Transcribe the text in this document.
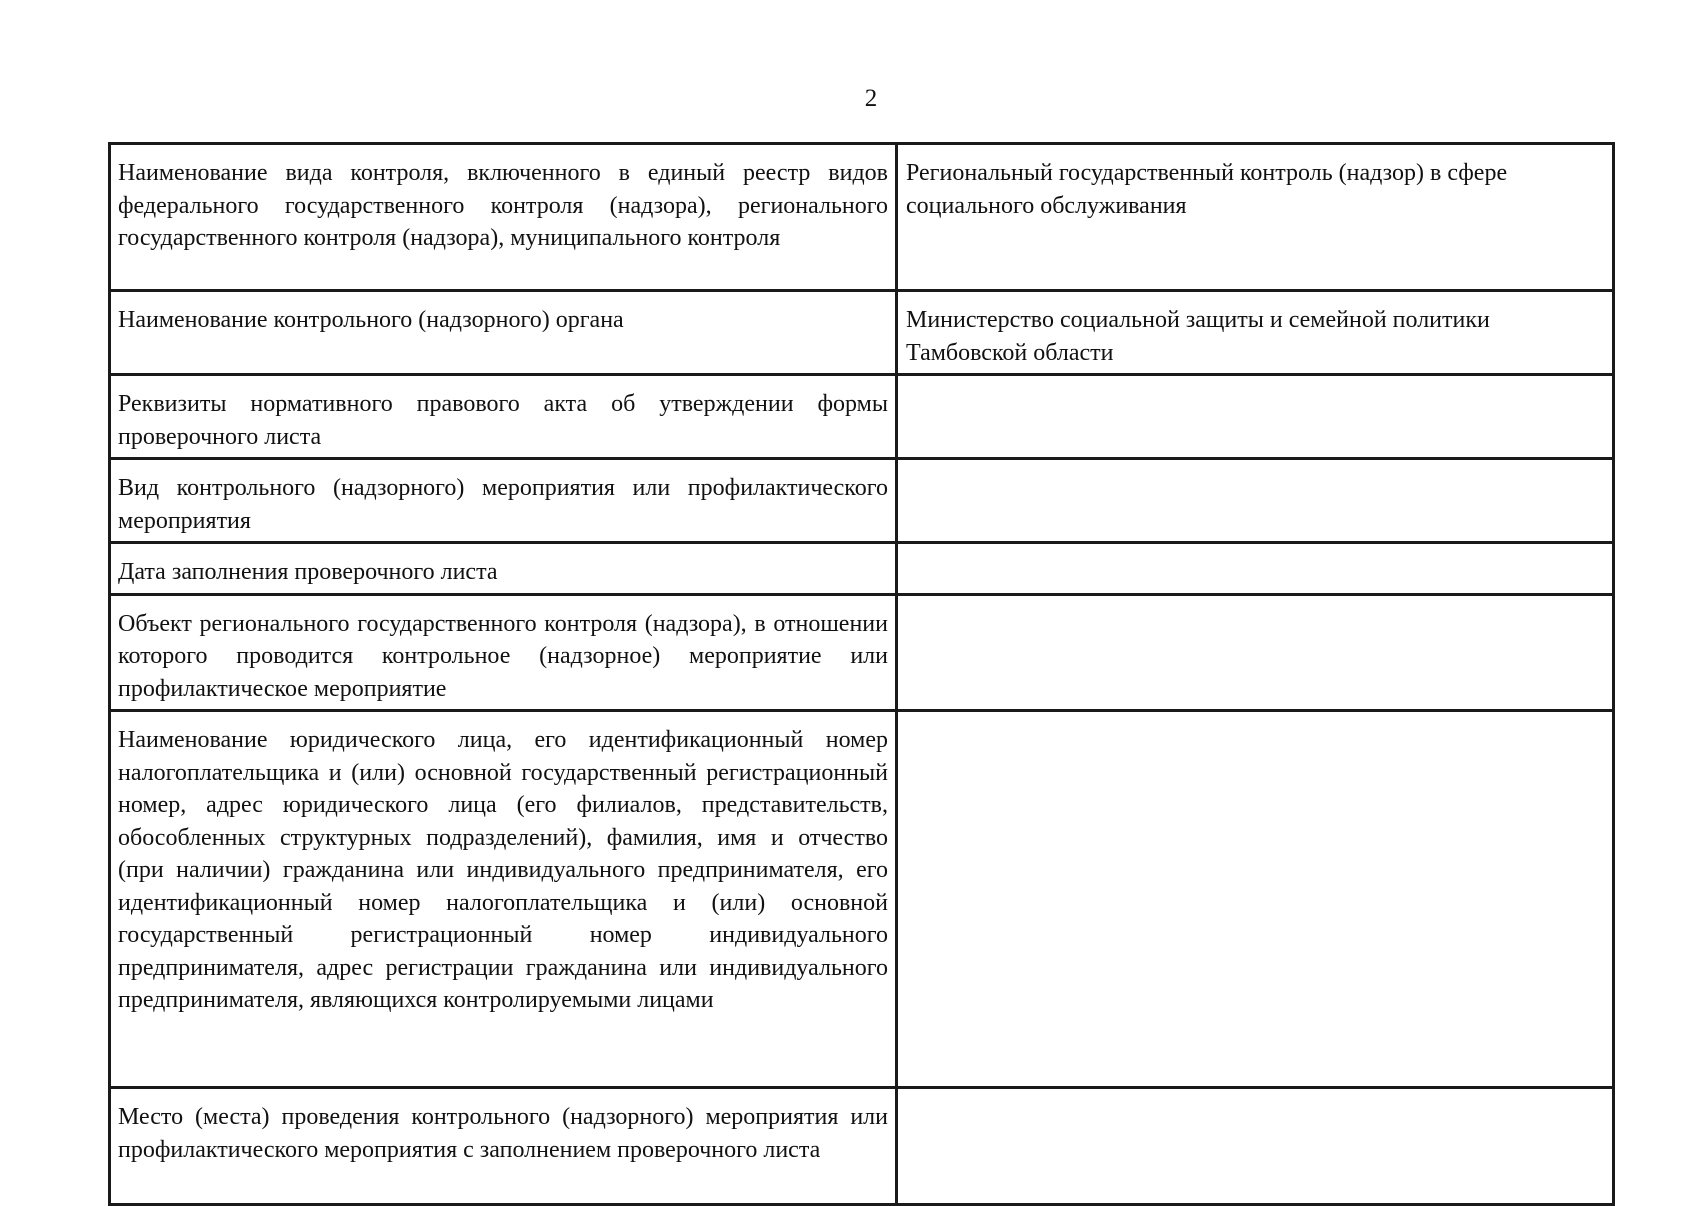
2
Наименование вида контроля, включенного в единый реестр видов федерального государственного контроля (надзора), регионального государственного контроля (надзора), муниципального контроля	Региональный государственный контроль (надзор) в сфере социального обслуживания
Наименование контрольного (надзорного) органа	Министерство социальной защиты и семейной политики Тамбовской области
Реквизиты нормативного правового акта об утверждении формы проверочного листа	
Вид контрольного (надзорного) мероприятия или профилактического мероприятия	
Дата заполнения проверочного листа	
Объект регионального государственного контроля (надзора), в отношении которого проводится контрольное (надзорное) мероприятие или профилактическое мероприятие	
Наименование юридического лица, его идентификационный номер налогоплательщика и (или) основной государственный регистрационный номер, адрес юридического лица (его филиалов, представительств, обособленных структурных подразделений), фамилия, имя и отчество (при наличии) гражданина или индивидуального предпринимателя, его идентификационный номер налогоплательщика и (или) основной государственный регистрационный номер индивидуального предпринимателя, адрес регистрации гражданина или индивидуального предпринимателя, являющихся контролируемыми лицами	
Место (места) проведения контрольного (надзорного) мероприятия или профилактического мероприятия с заполнением проверочного листа	
